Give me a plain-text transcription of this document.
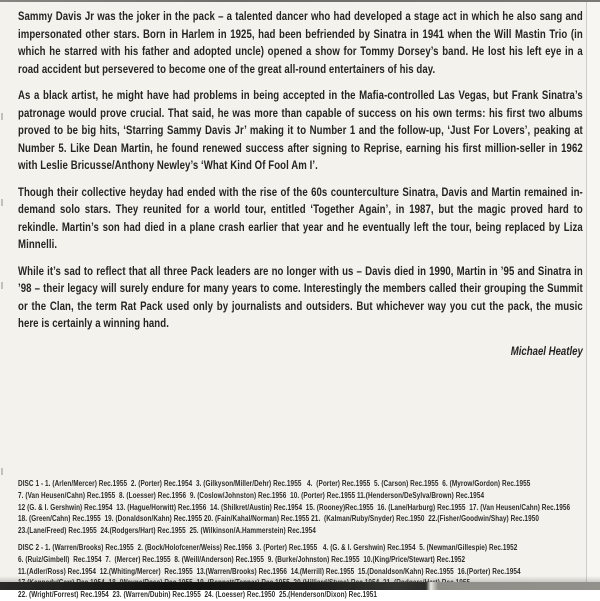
Sammy Davis Jr was the joker in the pack – a talented dancer who had developed a stage act in which he also sang and impersonated other stars. Born in Harlem in 1925, had been befriended by Sinatra in 1941 when the Will Mastin Trio (in which he starred with his father and adopted uncle) opened a show for Tommy Dorsey’s band. He lost his left eye in a road accident but persevered to become one of the great all-round entertainers of his day.

As a black artist, he might have had problems in being accepted in the Mafia-controlled Las Vegas, but Frank Sinatra’s patronage would prove crucial. That said, he was more than capable of success on his own terms: his first two albums proved to be big hits, ‘Starring Sammy Davis Jr’ making it to Number 1 and the follow-up, ‘Just For Lovers’, peaking at Number 5. Like Dean Martin, he found renewed success after signing to Reprise, earning his first million-seller in 1962 with Leslie Bricusse/Anthony Newley’s ‘What Kind Of Fool Am I’.

Though their collective heyday had ended with the rise of the 60s counterculture Sinatra, Davis and Martin remained in-demand solo stars. They reunited for a world tour, entitled ‘Together Again’, in 1987, but the magic proved hard to rekindle. Martin’s son had died in a plane crash earlier that year and he eventually left the tour, being replaced by Liza Minnelli.

While it’s sad to reflect that all three Pack leaders are no longer with us – Davis died in 1990, Martin in ’95 and Sinatra in ’98 – their legacy will surely endure for many years to come. Interestingly the members called their grouping the Summit or the Clan, the term Rat Pack used only by journalists and outsiders. But whichever way you cut the pack, the music here is certainly a winning hand.

Michael Heatley
DISC 1 - 1. (Arlen/Mercer) Rec.1955  2. (Porter) Rec.1954  3. (Gilkyson/Miller/Dehr) Rec.1955   4.  (Porter) Rec.1955  5. (Carson) Rec.1955  6. (Myrow/Gordon) Rec.1955
7. (Van Heusen/Cahn) Rec.1955  8. (Loesser) Rec.1956  9. (Coslow/Johnston) Rec.1956  10. (Porter) Rec.1955 11.(Henderson/DeSylva/Brown) Rec.1954
12 (G. & I. Gershwin) Rec.1954  13. (Hague/Horwitt) Rec.1956  14. (Shilkret/Austin) Rec.1954  15. (Rooney)Rec.1955  16. (Lane/Harburg) Rec.1955  17. (Van Heusen/Cahn) Rec.1956
18. (Green/Cahn) Rec.1955  19. (Donaldson/Kahn) Rec.1955 20. (Fain/Kahal/Norman) Rec.1955 21.  (Kalman/Ruby/Snyder) Rec.1950  22.(Fisher/Goodwin/Shay) Rec.1950
23.(Lane/Freed) Rec.1955  24.(Rodgers/Hart) Rec.1955  25. (Wilkinson/A.Hammerstein) Rec.1954
DISC 2 - 1. (Warren/Brooks) Rec.1955  2. (Bock/Holofcener/Weiss) Rec.1956  3. (Porter) Rec.1955   4. (G. & I. Gershwin) Rec.1954  5. (Newman/Gillespie) Rec.1952
6. (Ruiz/Gimbell)  Rec.1954  7.  (Mercer) Rec.1955  8. (Weill/Anderson) Rec.1955  9. (Burke/Johnston) Rec.1955  10.(King/Price/Stewart) Rec.1952
11.(Adler/Ross) Rec.1954  12.(Whiting/Mercer)  Rec.1955  13.(Warren/Brooks) Rec.1956  14.(Merrill) Rec.1955  15.(Donaldson/Kahn) Rec.1955  16.(Porter) Rec.1954
22. (Wright/Forrest) Rec.1954  23. (Warren/Dubin) Rec.1955  24. (Loesser) Rec.1950  25.(Henderson/Dixon) Rec.1951
